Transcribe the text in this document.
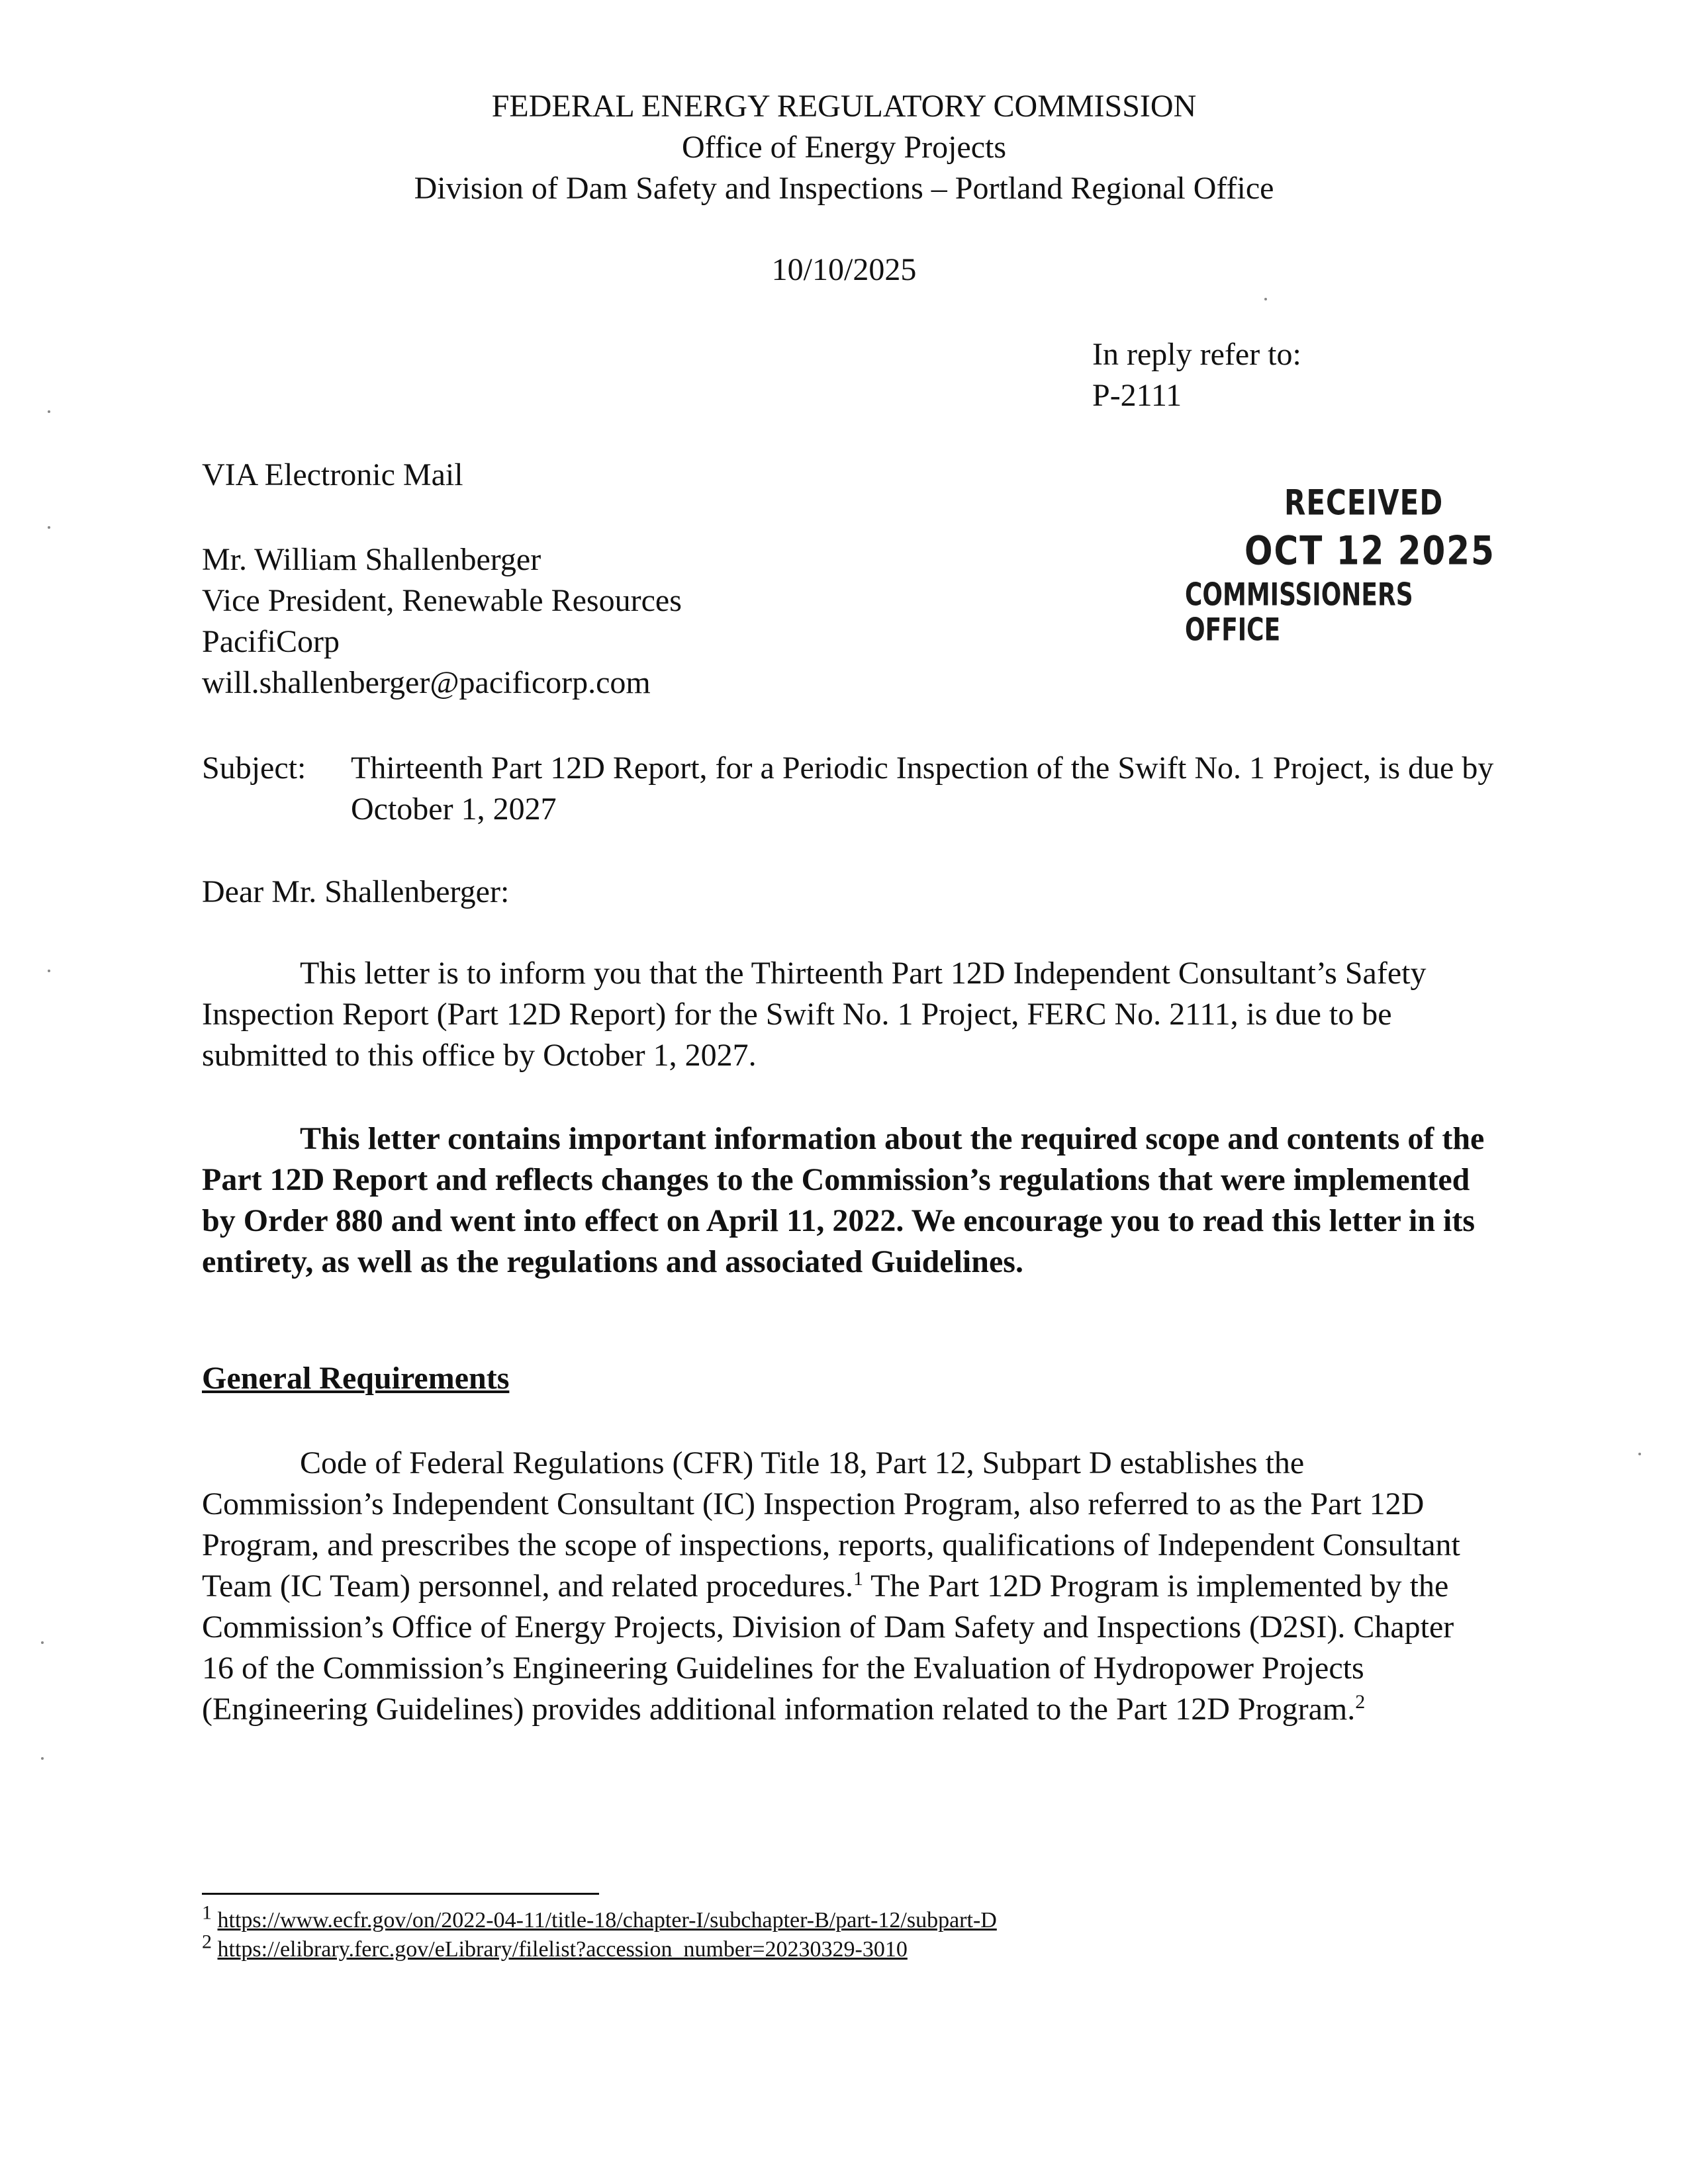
FEDERAL ENERGY REGULATORY COMMISSION
Office of Energy Projects
Division of Dam Safety and Inspections – Portland Regional Office
10/10/2025
In reply refer to:
P-2111
VIA Electronic Mail
Mr. William Shallenberger
Vice President, Renewable Resources
PacifiCorp
will.shallenberger@pacificorp.com
RECEIVED
OCT 12 2025
COMMISSIONERS OFFICE
Subject: Thirteenth Part 12D Report, for a Periodic Inspection of the Swift No. 1 Project, is due by October 1, 2027
Dear Mr. Shallenberger:
This letter is to inform you that the Thirteenth Part 12D Independent Consultant’s Safety Inspection Report (Part 12D Report) for the Swift No. 1 Project, FERC No. 2111, is due to be submitted to this office by October 1, 2027.
This letter contains important information about the required scope and contents of the Part 12D Report and reflects changes to the Commission’s regulations that were implemented by Order 880 and went into effect on April 11, 2022. We encourage you to read this letter in its entirety, as well as the regulations and associated Guidelines.
General Requirements
Code of Federal Regulations (CFR) Title 18, Part 12, Subpart D establishes the Commission’s Independent Consultant (IC) Inspection Program, also referred to as the Part 12D Program, and prescribes the scope of inspections, reports, qualifications of Independent Consultant Team (IC Team) personnel, and related procedures.$^1$ The Part 12D Program is implemented by the Commission’s Office of Energy Projects, Division of Dam Safety and Inspections (D2SI). Chapter 16 of the Commission’s Engineering Guidelines for the Evaluation of Hydropower Projects (Engineering Guidelines) provides additional information related to the Part 12D Program.$^2$
$^1$ https://www.ecfr.gov/on/2022-04-11/title-18/chapter-I/subchapter-B/part-12/subpart-D
$^2$ https://elibrary.ferc.gov/eLibrary/filelist?accession_number=20230329-3010
